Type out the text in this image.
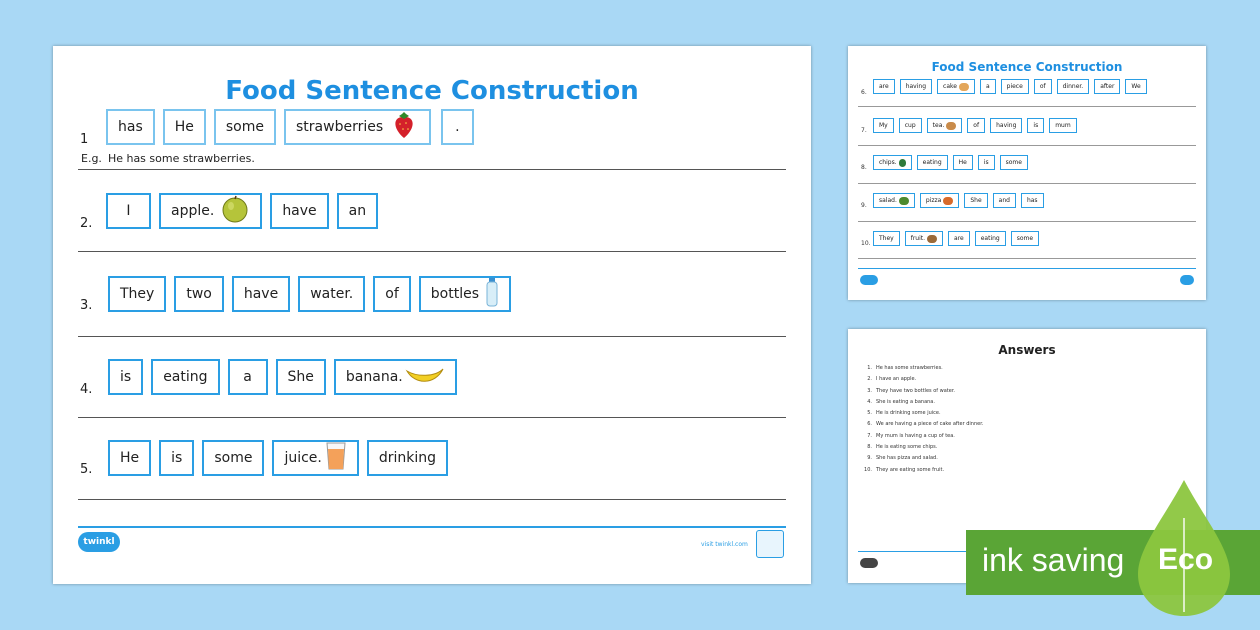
Food Sentence Construction
1
has He some strawberries	.
E.g. He has some strawberries.
2.
I	apple.	have an
3.
They two have water. of bottles
4.
is eating	a	She banana.
5.
He is some juice.	drinking
twinkl	visit twinkl.com
Food Sentence Construction
6.
are	having	cake	a	piece	of	dinner.	after	We
7.
My	cup	tea.	of	having	is	mum
8.
chips.	eating	He	is	some
9.
salad.	pizza	She	and	has
10.
They	fruit.	are	eating	some
Answers
1. He has some strawberries.
2. I have an apple.
3. They have two bottles of water.
4. She is eating a banana.
5. He is drinking some juice.
6. We are having a piece of cake after dinner.
7. My mum is having a cup of tea.
8. He is eating some chips.
9. She has pizza and salad.
10. They are eating some fruit.
ink saving Eco
